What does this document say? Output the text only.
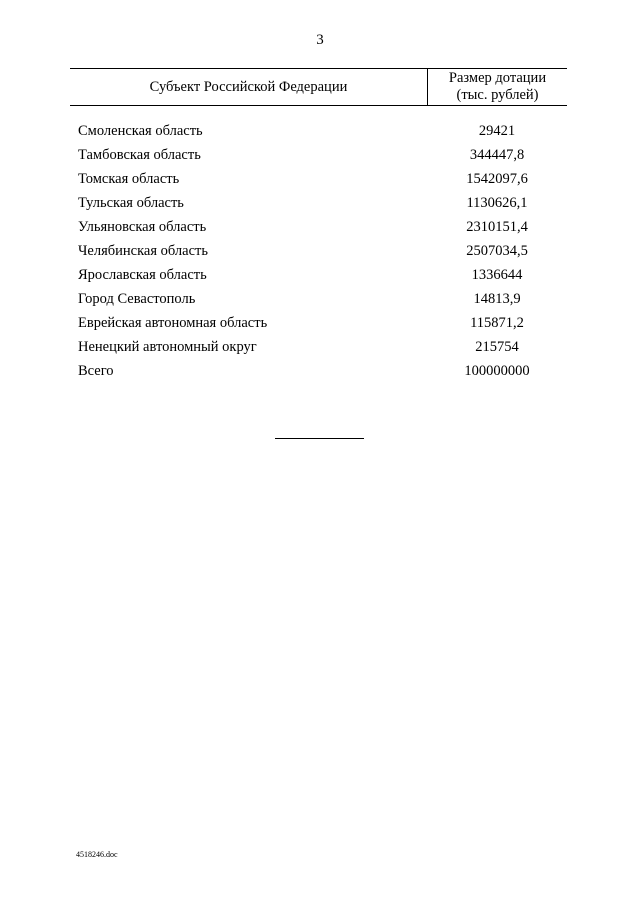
3
Субъект Российской Федерации
Размер дотации
(тыс. рублей)
Смоленская область	29421
Тамбовская область	344447,8
Томская область	1542097,6
Тульская область	1130626,1
Ульяновская область	2310151,4
Челябинская область	2507034,5
Ярославская область	1336644
Город Севастополь	14813,9
Еврейская автономная область	115871,2
Ненецкий автономный округ	215754
Всего	100000000
4518246.doc
